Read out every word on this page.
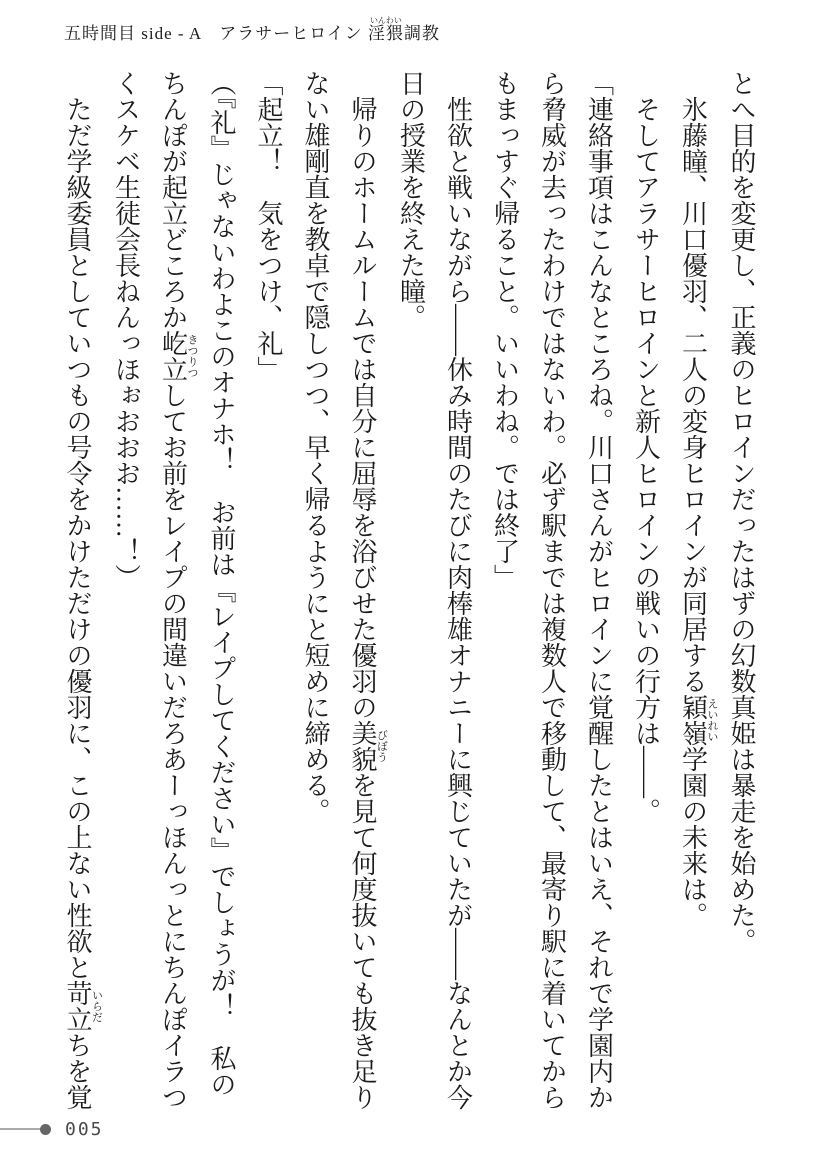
五時間目 side - A　アラサーヒロイン 淫猥いんわい調教

とへ目的を変更し、正義のヒロインだったはずの幻数真姫は暴走を始めた。

氷藤瞳、川口優羽、二人の変身ヒロインが同居する穎嶺えいれい学園の未来は。

そしてアラサーヒロインと新人ヒロインの戦いの行方は――。

「連絡事項はこんなところね。川口さんがヒロインに覚醒したとはいえ、それで学園内か

ら脅威が去ったわけではないわ。必ず駅までは複数人で移動して、最寄り駅に着いてから

もまっすぐ帰ること。いいわね。では終了」

性欲と戦いながら――休み時間のたびに肉棒雄オナニーに興じていたが――なんとか今

日の授業を終えた瞳。

帰りのホームルームでは自分に屈辱を浴びせた優羽の美貌びぼうを見て何度抜いても抜き足り

ない雄剛直を教卓で隠しつつ、早く帰るようにと短めに締める。

「起立！　気をつけ、礼」

（『礼』じゃないわよこのオナホ！　お前は『レイプしてください』でしょうが！　私の

ちんぽが起立どころか屹立きつりつしてお前をレイプの間違いだろあーっほんっとにちんぽイラつ

くスケベ生徒会長ねんっほぉおおお……！）

ただ学級委員としていつもの号令をかけただけの優羽に、この上ない性欲と苛立いらだちを覚

005
